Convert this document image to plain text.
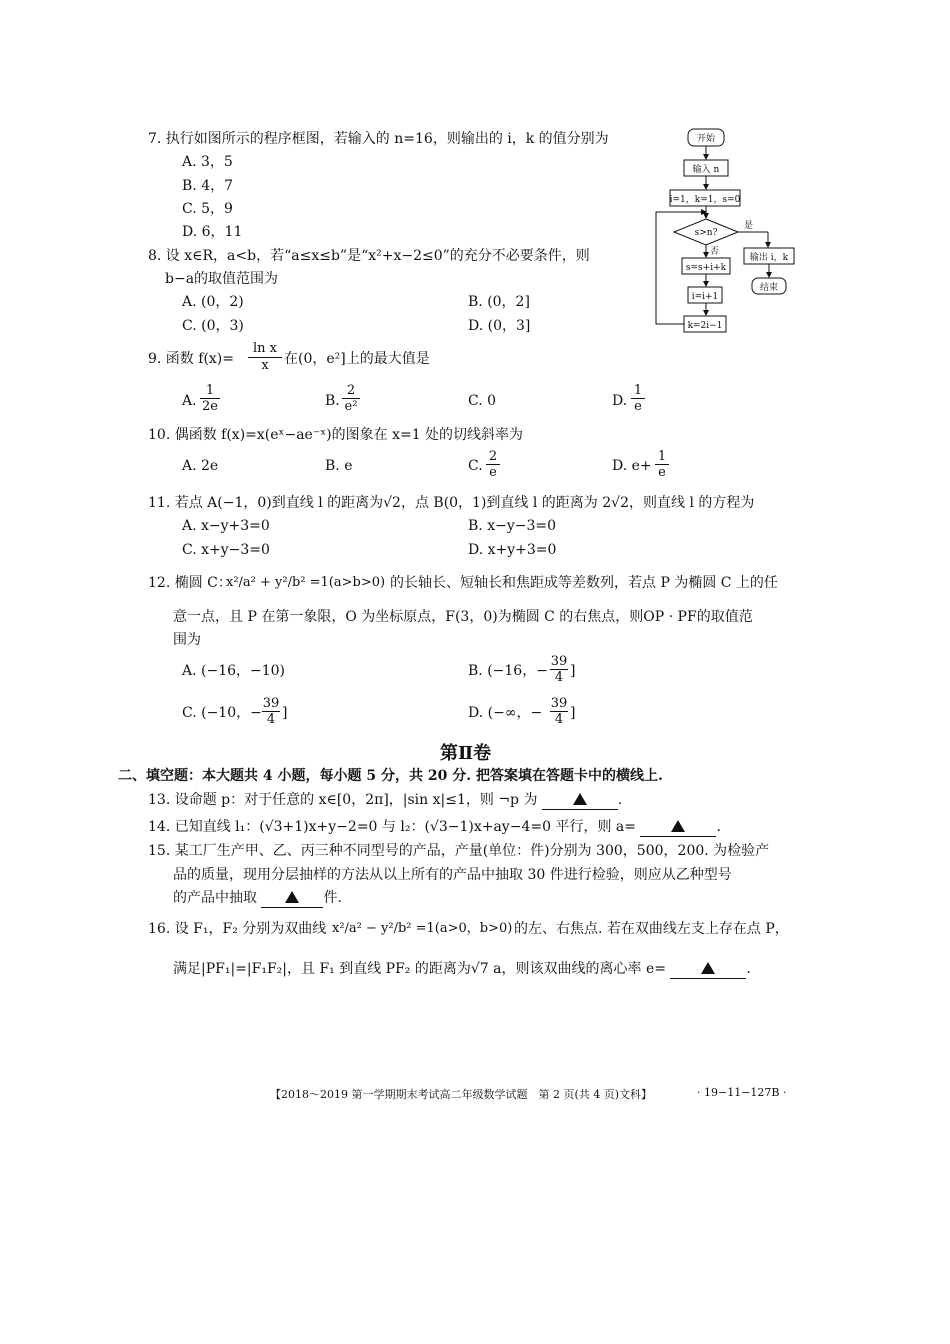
7. 执行如图所示的程序框图，若输入的 n=16，则输出的 i，k 的值分别为
A. 3，5
B. 4，7
C. 5，9
D. 6，11
开始
输入 n
i=1，k=1，s=0
s>n?
是
输出 i，k
结束
否
s=s+i+k
i=i+1
k=2i−1
8. 设 x∈R，a<b，若“a≤x≤b”是“x²+x−2≤0”的充分不必要条件，则
b−a的取值范围为
A. (0，2)	B. (0，2]
C. (0，3)	D. (0，3]
9. 函数 $f(x)= \frac{\text{ln x}}{x}$ 在(0，e²]上的最大值是
A. $\frac{1}{2e}$	B. $\frac{2}{\text{e²}}$	C. 0	D. $\frac{1}{e}$
10. 偶函数 f(x)=x(eˣ−ae⁻ˣ)的图象在 x=1 处的切线斜率为
A. 2e	B. e	C. $\frac{2}{e}$	D. $e+ \frac{1}{e}$
11. 若点 A(−1，0)到直线 l 的距离为√2，点 B(0，1)到直线 l 的距离为 2√2，则直线 l 的方程为
A. x−y+3=0	B. x−y−3=0
C. x+y−3=0	D. x+y+3=0
12. 椭圆 C：
x²/a² + y²/b² =1(a>b>0) 的长轴长、短轴长和焦距成等差数列，若点 P 为椭圆 C 上的任
意一点，且 P 在第一象限，O 为坐标原点，F(3，0)为椭圆 C 的右焦点，则OP · PF的取值范
围为
A. (−16，−10)	B. (−16，− $\frac{39}{4}$ ]
C. (−10，− $\frac{39}{4}$ ]	D. (−∞，− $\frac{39}{4}$ ]
第Ⅱ卷
二、填空题：本大题共 4 小题，每小题 5 分，共 20 分. 把答案填在答题卡中的横线上.
13. 设命题 p：对于任意的 x∈[0，2π]，|sin x|≤1，则 ¬p 为	.
14. 已知直线 l₁：(√3+1)x+y−2=0 与 l₂：(√3−1)x+ay−4=0 平行，则 a=	.
15. 某工厂生产甲、乙、丙三种不同型号的产品，产量(单位：件)分别为 300，500，200. 为检验产
品的质量，现用分层抽样的方法从以上所有的产品中抽取 30 件进行检验，则应从乙种型号
的产品中抽取	件.
16. 设 F₁，F₂ 分别为双曲线 x²/a² − y²/b² =1(a>0，b>0) 的左、右焦点. 若在双曲线左支上存在点 P，
满足|PF₁|=|F₁F₂|，且 F₁ 到直线 PF₂ 的距离为√7 a，则该双曲线的离心率 e=	.
【2018～2019 第一学期期末考试高二年级数学试题　第 2 页(共 4 页)文科】	· 19−11−127B ·
